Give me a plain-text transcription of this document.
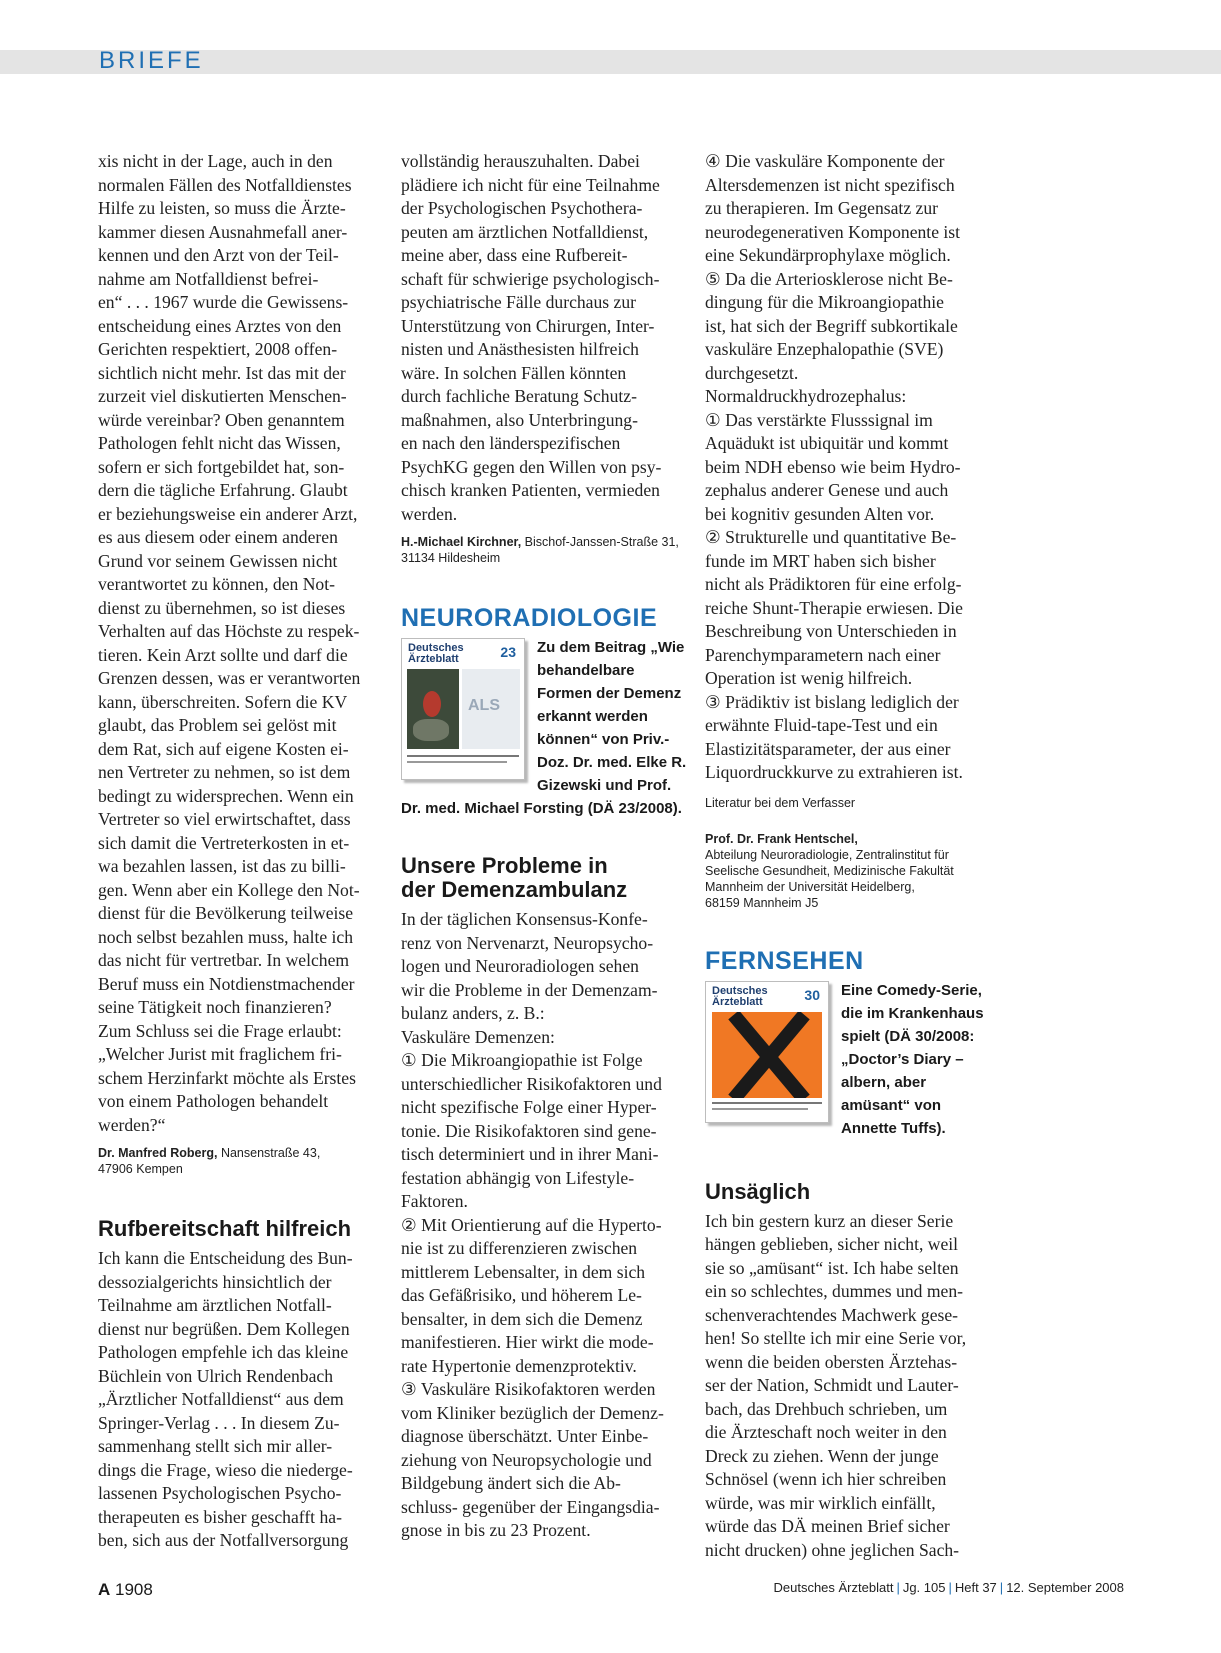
BRIEFE

xis nicht in der Lage, auch in den
normalen Fällen des Notfalldienstes
Hilfe zu leisten, so muss die Ärzte-
kammer diesen Ausnahmefall aner-
kennen und den Arzt von der Teil-
nahme am Notfalldienst befrei-
en“ . . . 1967 wurde die Gewissens-
entscheidung eines Arztes von den
Gerichten respektiert, 2008 offen-
sichtlich nicht mehr. Ist das mit der
zurzeit viel diskutierten Menschen-
würde vereinbar? Oben genanntem
Pathologen fehlt nicht das Wissen,
sofern er sich fortgebildet hat, son-
dern die tägliche Erfahrung. Glaubt
er beziehungsweise ein anderer Arzt,
es aus diesem oder einem anderen
Grund vor seinem Gewissen nicht
verantwortet zu können, den Not-
dienst zu übernehmen, so ist dieses
Verhalten auf das Höchste zu respek-
tieren. Kein Arzt sollte und darf die
Grenzen dessen, was er verantworten
kann, überschreiten. Sofern die KV
glaubt, das Problem sei gelöst mit
dem Rat, sich auf eigene Kosten ei-
nen Vertreter zu nehmen, so ist dem
bedingt zu widersprechen. Wenn ein
Vertreter so viel erwirtschaftet, dass
sich damit die Vertreterkosten in et-
wa bezahlen lassen, ist das zu billi-
gen. Wenn aber ein Kollege den Not-
dienst für die Bevölkerung teilweise
noch selbst bezahlen muss, halte ich
das nicht für vertretbar. In welchem
Beruf muss ein Notdienstmachender
seine Tätigkeit noch finanzieren?
Zum Schluss sei die Frage erlaubt:
„Welcher Jurist mit fraglichem fri-
schem Herzinfarkt möchte als Erstes
von einem Pathologen behandelt
werden?“

Dr. Manfred Roberg, Nansenstraße 43,
47906 Kempen

Rufbereitschaft hilfreich

Ich kann die Entscheidung des Bun-
dessozialgerichts hinsichtlich der
Teilnahme am ärztlichen Notfall-
dienst nur begrüßen. Dem Kollegen
Pathologen empfehle ich das kleine
Büchlein von Ulrich Rendenbach
„Ärztlicher Notfalldienst“ aus dem
Springer-Verlag . . . In diesem Zu-
sammenhang stellt sich mir aller-
dings die Frage, wieso die niederge-
lassenen Psychologischen Psycho-
therapeuten es bisher geschafft ha-
ben, sich aus der Notfallversorgung

vollständig herauszuhalten. Dabei
plädiere ich nicht für eine Teilnahme
der Psychologischen Psychothera-
peuten am ärztlichen Notfalldienst,
meine aber, dass eine Rufbereit-
schaft für schwierige psychologisch-
psychiatrische Fälle durchaus zur
Unterstützung von Chirurgen, Inter-
nisten und Anästhesisten hilfreich
wäre. In solchen Fällen könnten
durch fachliche Beratung Schutz-
maßnahmen, also Unterbringung-
en nach den länderspezifischen
PsychKG gegen den Willen von psy-
chisch kranken Patienten, vermieden
werden.

H.-Michael Kirchner, Bischof-Janssen-Straße 31,
31134 Hildesheim

NEURORADIOLOGIE
Deutsches
Ärzteblatt	23
ALS

Zu dem Beitrag „Wie behandelbare Formen der Demenz erkannt werden können“ von Priv.-Doz. Dr. med. Elke R. Gizewski und Prof. Dr. med. Michael Forsting (DÄ 23/2008).

Unsere Probleme in
der Demenzambulanz

In der täglichen Konsensus-Konfe-
renz von Nervenarzt, Neuropsycho-
logen und Neuroradiologen sehen
wir die Probleme in der Demenzam-
bulanz anders, z. B.:
Vaskuläre Demenzen:
① Die Mikroangiopathie ist Folge
unterschiedlicher Risikofaktoren und
nicht spezifische Folge einer Hyper-
tonie. Die Risikofaktoren sind gene-
tisch determiniert und in ihrer Mani-
festation abhängig von Lifestyle-
Faktoren.
② Mit Orientierung auf die Hyperto-
nie ist zu differenzieren zwischen
mittlerem Lebensalter, in dem sich
das Gefäßrisiko, und höherem Le-
bensalter, in dem sich die Demenz
manifestieren. Hier wirkt die mode-
rate Hypertonie demenzprotektiv.
③ Vaskuläre Risikofaktoren werden
vom Kliniker bezüglich der Demenz-
diagnose überschätzt. Unter Einbe-
ziehung von Neuropsychologie und
Bildgebung ändert sich die Ab-
schluss- gegenüber der Eingangsdia-
gnose in bis zu 23 Prozent.

④ Die vaskuläre Komponente der
Altersdemenzen ist nicht spezifisch
zu therapieren. Im Gegensatz zur
neurodegenerativen Komponente ist
eine Sekundärprophylaxe möglich.
⑤ Da die Arteriosklerose nicht Be-
dingung für die Mikroangiopathie
ist, hat sich der Begriff subkortikale
vaskuläre Enzephalopathie (SVE)
durchgesetzt.
Normaldruckhydrozephalus:
① Das verstärkte Flusssignal im
Aquädukt ist ubiquitär und kommt
beim NDH ebenso wie beim Hydro-
zephalus anderer Genese und auch
bei kognitiv gesunden Alten vor.
② Strukturelle und quantitative Be-
funde im MRT haben sich bisher
nicht als Prädiktoren für eine erfolg-
reiche Shunt-Therapie erwiesen. Die
Beschreibung von Unterschieden in
Parenchymparametern nach einer
Operation ist wenig hilfreich.
③ Prädiktiv ist bislang lediglich der
erwähnte Fluid-tape-Test und ein
Elastizitätsparameter, der aus einer
Liquordruckkurve zu extrahieren ist.

Literatur bei dem Verfasser

Prof. Dr. Frank Hentschel,
Abteilung Neuroradiologie, Zentralinstitut für
Seelische Gesundheit, Medizinische Fakultät
Mannheim der Universität Heidelberg,
68159 Mannheim J5

FERNSEHEN
Deutsches
Ärzteblatt	30	Eine Comedy-Serie, die im Krankenhaus spielt (DÄ 30/2008: „Doctor’s Diary – albern, aber amüsant“ von Annette Tuffs).

Unsäglich

Ich bin gestern kurz an dieser Serie
hängen geblieben, sicher nicht, weil
sie so „amüsant“ ist. Ich habe selten
ein so schlechtes, dummes und men-
schenverachtendes Machwerk gese-
hen! So stellte ich mir eine Serie vor,
wenn die beiden obersten Ärztehas-
ser der Nation, Schmidt und Lauter-
bach, das Drehbuch schrieben, um
die Ärzteschaft noch weiter in den
Dreck zu ziehen. Wenn der junge
Schnösel (wenn ich hier schreiben
würde, was mir wirklich einfällt,
würde das DÄ meinen Brief sicher
nicht drucken) ohne jeglichen Sach-

A 1908	Deutsches Ärzteblatt | Jg. 105 | Heft 37 | 12. September 2008
